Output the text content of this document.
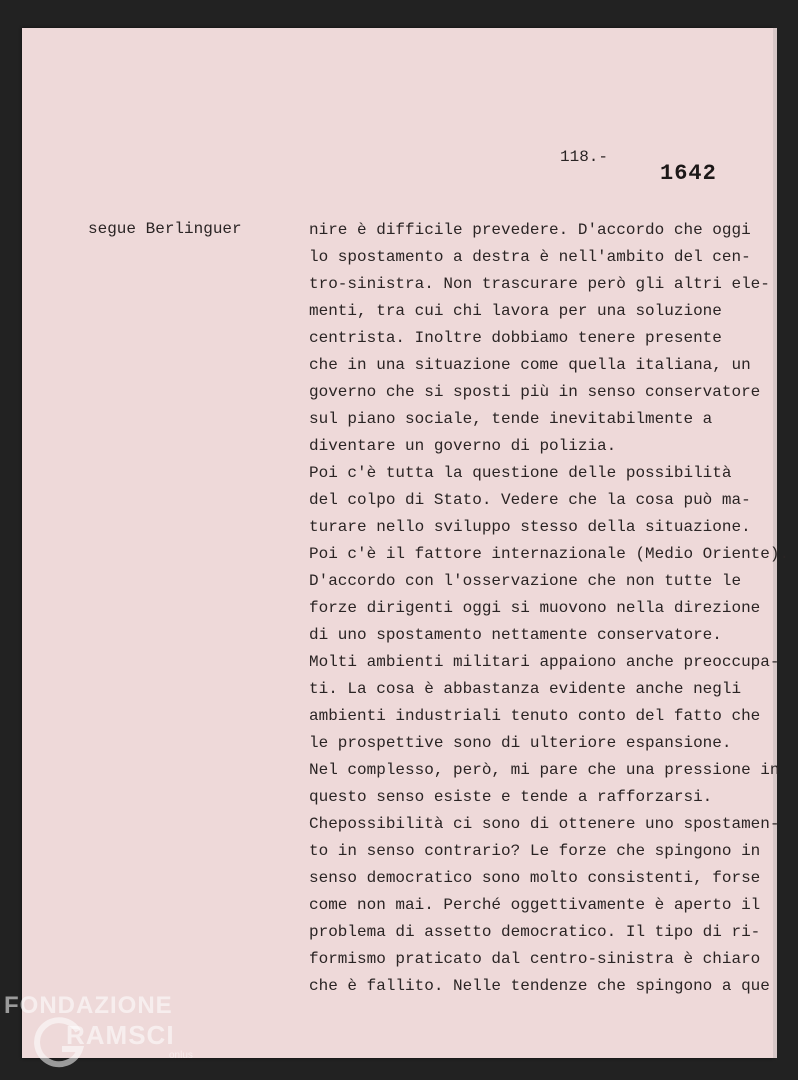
118.-
1642
segue Berlinguer	nire è difficile prevedere. D'accordo che oggi
lo spostamento a destra è nell'ambito del cen-
tro-sinistra. Non trascurare però gli altri ele-
menti, tra cui chi lavora per una soluzione
centrista. Inoltre dobbiamo tenere presente
che in una situazione come quella italiana, un
governo che si sposti più in senso conservatore
sul piano sociale, tende inevitabilmente a
diventare un governo di polizia.
Poi c'è tutta la questione delle possibilità
del colpo di Stato. Vedere che la cosa può ma-
turare nello sviluppo stesso della situazione.
Poi c'è il fattore internazionale (Medio Oriente).
D'accordo con l'osservazione che non tutte le
forze dirigenti oggi si muovono nella direzione
di uno spostamento nettamente conservatore.
Molti ambienti militari appaiono anche preoccupa-
ti. La cosa è abbastanza evidente anche negli
ambienti industriali tenuto conto del fatto che
le prospettive sono di ulteriore espansione.
Nel complesso, però, mi pare che una pressione in
questo senso esiste e tende a rafforzarsi.
Chepossibilità ci sono di ottenere uno spostamen-
to in senso contrario? Le forze che spingono in
senso democratico sono molto consistenti, forse
come non mai. Perché oggettivamente è aperto il
problema di assetto democratico. Il tipo di ri-
formismo praticato dal centro-sinistra è chiaro
che è fallito. Nelle tendenze che spingono a que
FONDAZIONE
RAMSCI
onlus
